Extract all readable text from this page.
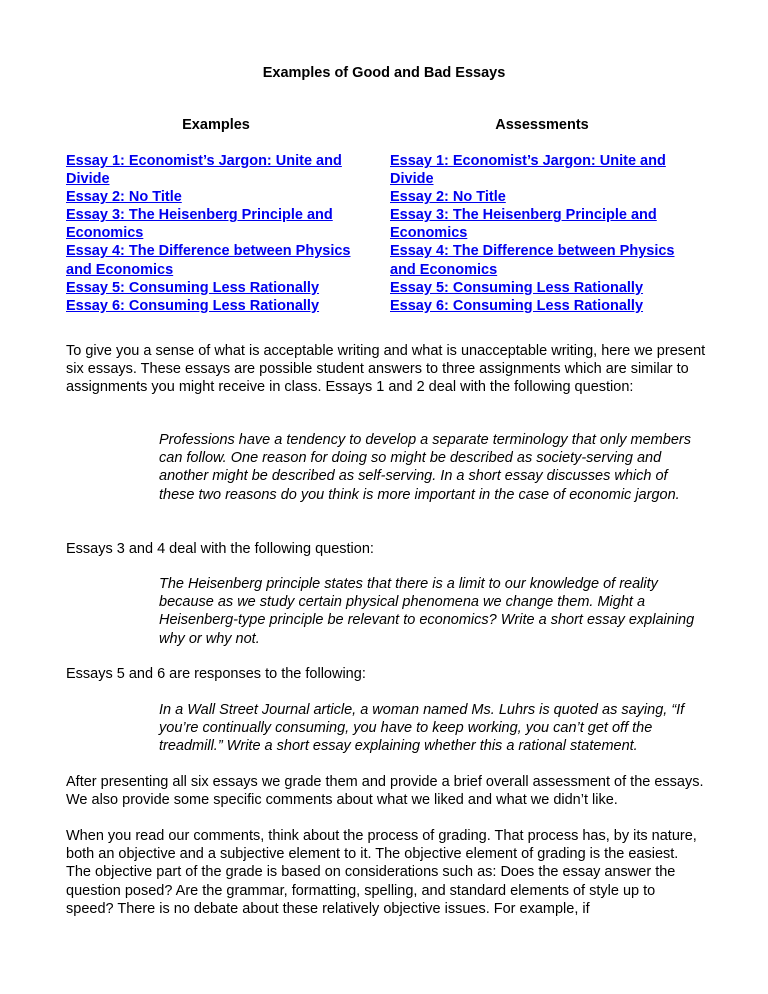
Examples of Good and Bad Essays
Examples	Assessments
Essay 1: Economist’s Jargon: Unite and Divide
Essay 2: No Title
Essay 3: The Heisenberg Principle and Economics
Essay 4: The Difference between Physics and Economics
Essay 5: Consuming Less Rationally
Essay 6: Consuming Less Rationally
Essay 1: Economist’s Jargon: Unite and Divide
Essay 2: No Title
Essay 3: The Heisenberg Principle and Economics
Essay 4: The Difference between Physics and Economics
Essay 5: Consuming Less Rationally
Essay 6: Consuming Less Rationally

To give you a sense of what is acceptable writing and what is unacceptable writing, here we present six essays. These essays are possible student answers to three assignments which are similar to assignments you might receive in class. Essays 1 and 2 deal with the following question:

Professions have a tendency to develop a separate terminology that only members can follow. One reason for doing so might be described as society-serving and another might be described as self-serving. In a short essay discusses which of these two reasons do you think is more important in the case of economic jargon.

Essays 3 and 4 deal with the following question:

The Heisenberg principle states that there is a limit to our knowledge of reality because as we study certain physical phenomena we change them. Might a Heisenberg-type principle be relevant to economics? Write a short essay explaining why or why not.

Essays 5 and 6 are responses to the following:

In a Wall Street Journal article, a woman named Ms. Luhrs is quoted as saying, “If you’re continually consuming, you have to keep working, you can’t get off the treadmill.” Write a short essay explaining whether this a rational statement.

After presenting all six essays we grade them and provide a brief overall assessment of the essays. We also provide some specific comments about what we liked and what we didn’t like.

When you read our comments, think about the process of grading. That process has, by its nature, both an objective and a subjective element to it. The objective element of grading is the easiest. The objective part of the grade is based on considerations such as: Does the essay answer the question posed? Are the grammar, formatting, spelling, and standard elements of style up to speed? There is no debate about these relatively objective issues. For example, if
